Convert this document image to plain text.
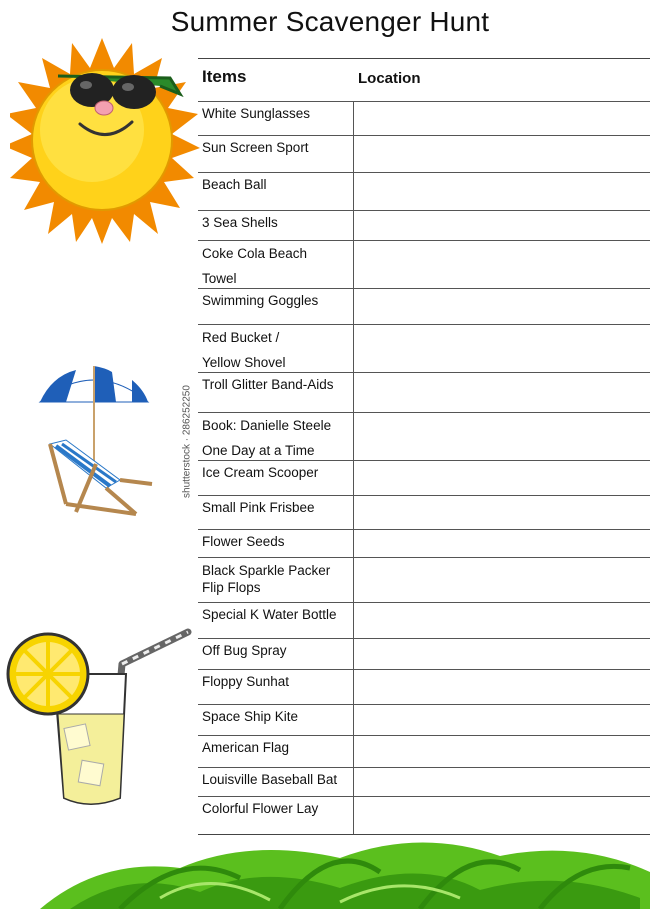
Summer Scavenger Hunt
shutterstock · 286252250
Items	Location
White Sunglasses
Sun Screen Sport
Beach Ball
3 Sea Shells
Coke Cola Beach
Towel
Swimming Goggles
Red Bucket /
Yellow Shovel
Troll Glitter Band-Aids
Book: Danielle Steele
One Day at a Time
Ice Cream Scooper
Small Pink Frisbee
Flower Seeds
Black Sparkle Packer
Flip Flops
Special K Water Bottle
Off Bug Spray
Floppy Sunhat
Space Ship Kite
American Flag
Louisville Baseball Bat
Colorful Flower Lay
